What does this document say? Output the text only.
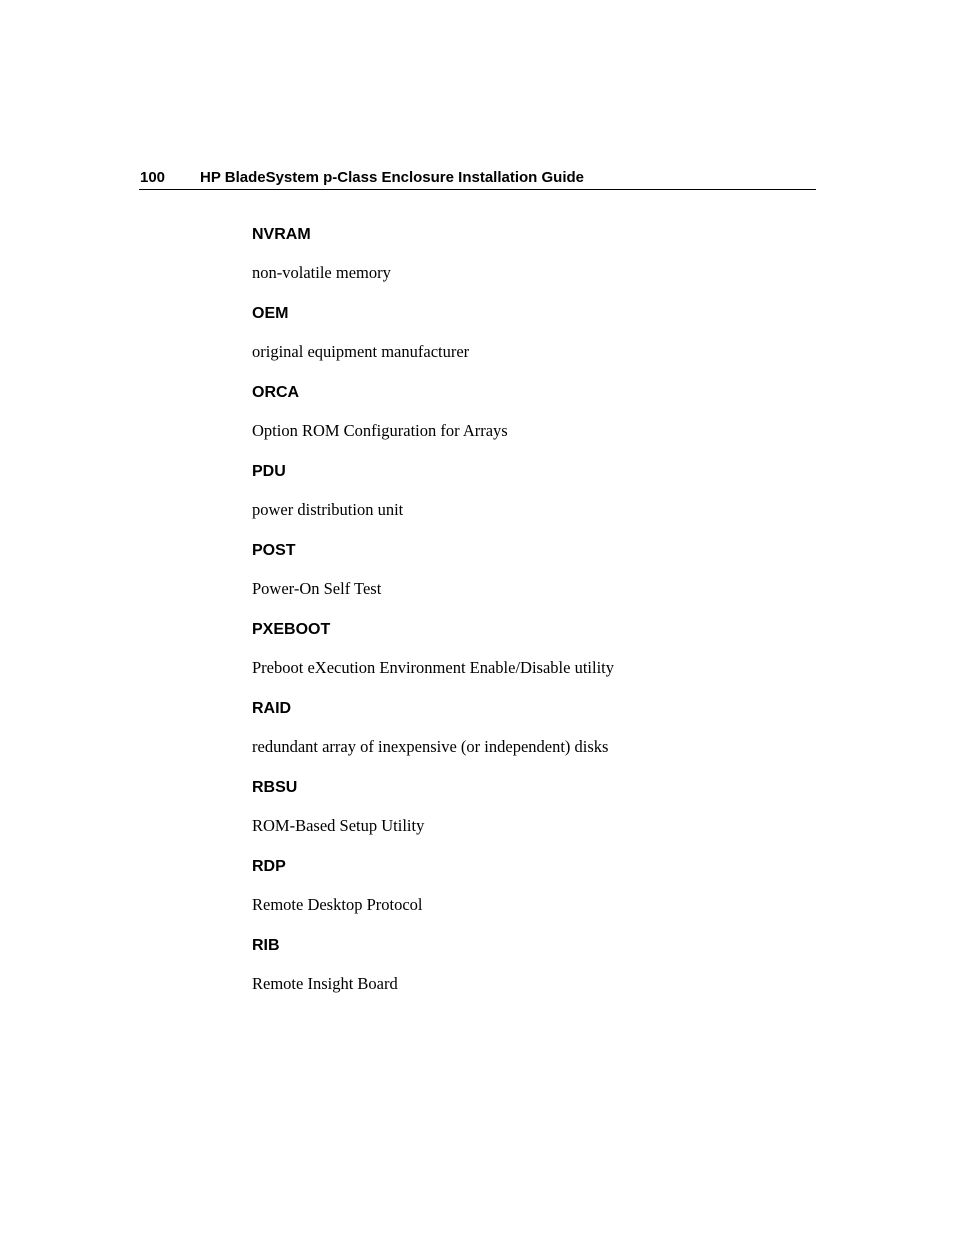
100 HP BladeSystem p-Class Enclosure Installation Guide
NVRAM
non-volatile memory
OEM
original equipment manufacturer
ORCA
Option ROM Configuration for Arrays
PDU
power distribution unit
POST
Power-On Self Test
PXEBOOT
Preboot eXecution Environment Enable/Disable utility
RAID
redundant array of inexpensive (or independent) disks
RBSU
ROM-Based Setup Utility
RDP
Remote Desktop Protocol
RIB
Remote Insight Board
